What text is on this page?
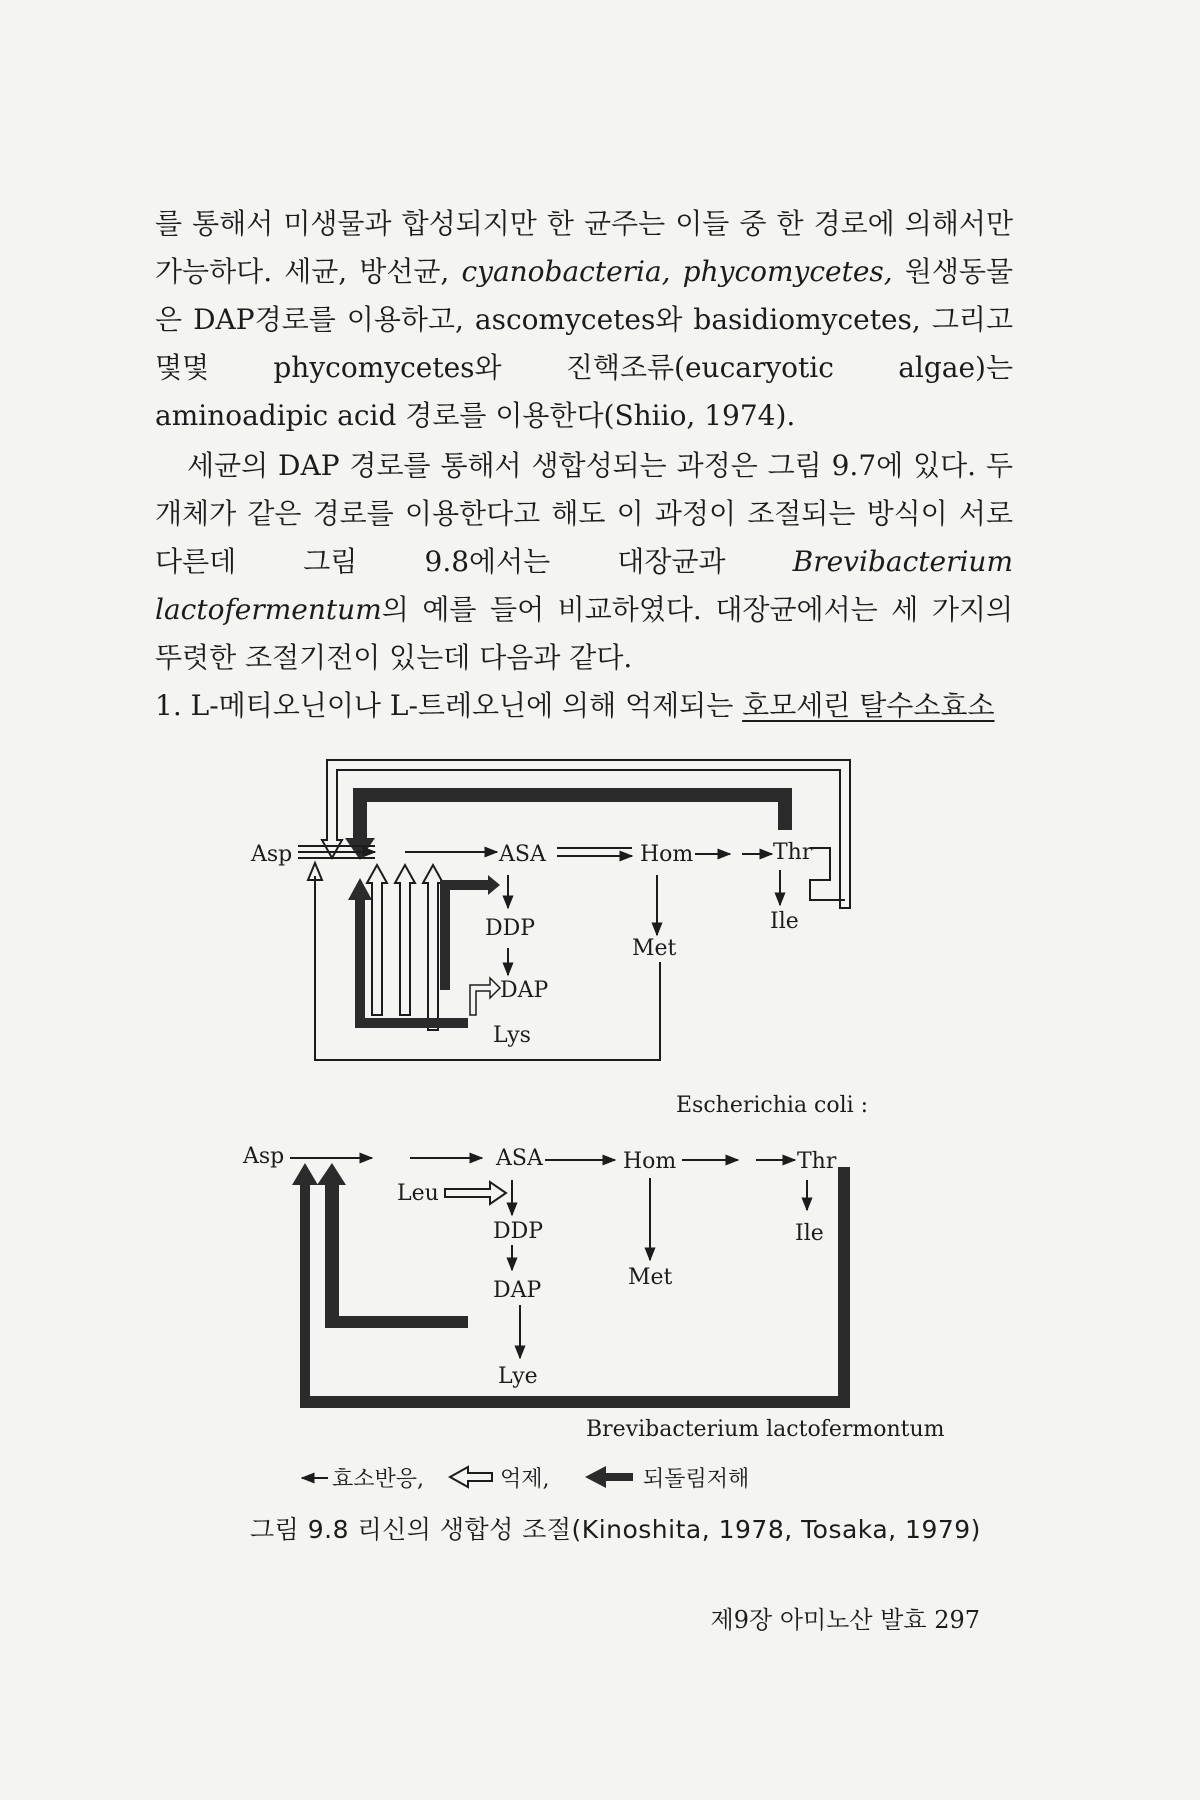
를 통해서 미생물과 합성되지만 한 균주는 이들 중 한 경로에 의해서만 가능하다. 세균, 방선균, cyanobacteria, phycomycetes, 원생동물은 DAP경로를 이용하고, ascomycetes와 basidiomycetes, 그리고 몇몇 phycomycetes와 진핵조류(eucaryotic algae)는 aminoadipic acid 경로를 이용한다(Shiio, 1974).

세균의 DAP 경로를 통해서 생합성되는 과정은 그림 9.7에 있다. 두 개체가 같은 경로를 이용한다고 해도 이 과정이 조절되는 방식이 서로 다른데 그림 9.8에서는 대장균과 Brevibacterium lactofermentum의 예를 들어 비교하였다. 대장균에서는 세 가지의 뚜렷한 조절기전이 있는데 다음과 같다.

1. L-메티오닌이나 L-트레오닌에 의해 억제되는 호모세린 탈수소효소

Asp	ASA	Hom	Thr
Ile
DDP
Met
DAP
Lys
Escherichia coli :
Asp	ASA	Hom	Thr
Leu
DDP	Ile
Met
DAP
Lye
Brevibacterium lactofermontum
효소반응,	억제,	되돌림저해
그림 9.8 리신의 생합성 조절(Kinoshita, 1978, Tosaka, 1979)
제9장 아미노산 발효 297
